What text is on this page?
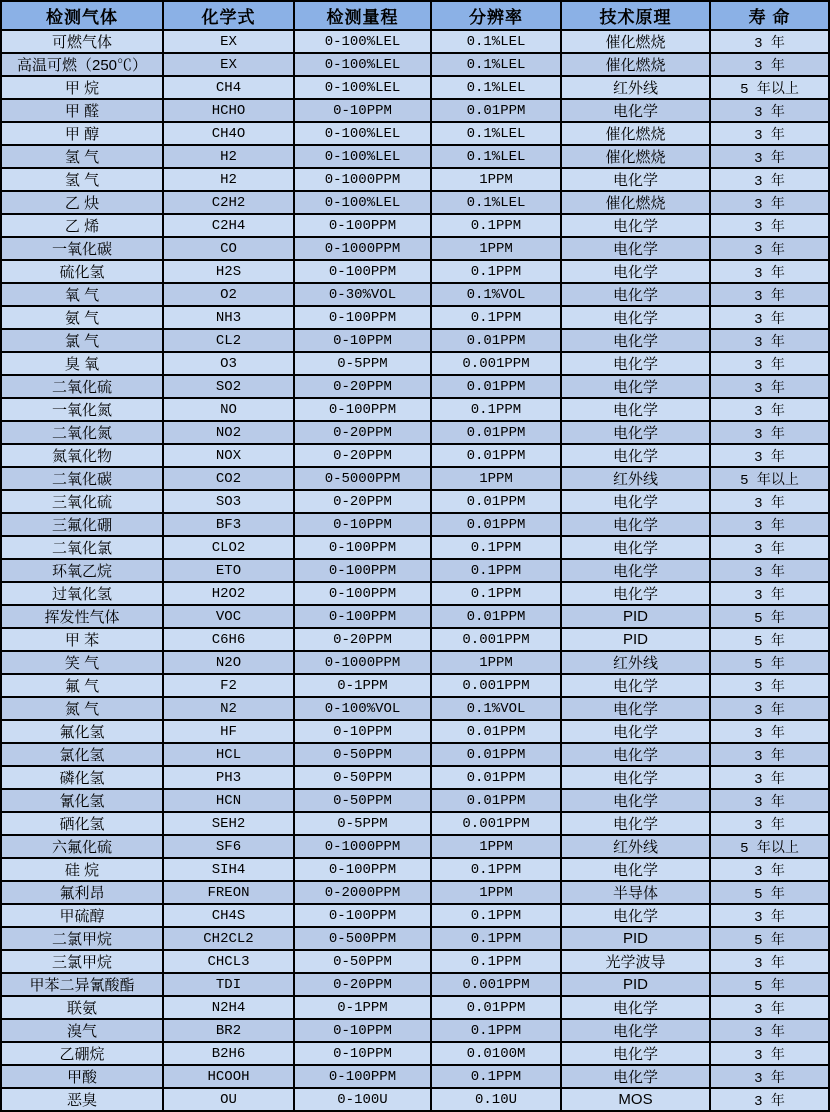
检测气体	化学式	检测量程	分辨率	技术原理	寿 命
可燃气体	EX	0-100%LEL	0.1%LEL	催化燃烧	3 年
高温可燃（250℃）	EX	0-100%LEL	0.1%LEL	催化燃烧	3 年
甲 烷	CH4	0-100%LEL	0.1%LEL	红外线	5 年以上
甲 醛	HCHO	0-10PPM	0.01PPM	电化学	3 年
甲 醇	CH4O	0-100%LEL	0.1%LEL	催化燃烧	3 年
氢 气	H2	0-100%LEL	0.1%LEL	催化燃烧	3 年
氢 气	H2	0-1000PPM	1PPM	电化学	3 年
乙 炔	C2H2	0-100%LEL	0.1%LEL	催化燃烧	3 年
乙 烯	C2H4	0-100PPM	0.1PPM	电化学	3 年
一氧化碳	CO	0-1000PPM	1PPM	电化学	3 年
硫化氢	H2S	0-100PPM	0.1PPM	电化学	3 年
氧 气	O2	0-30%VOL	0.1%VOL	电化学	3 年
氨 气	NH3	0-100PPM	0.1PPM	电化学	3 年
氯 气	CL2	0-10PPM	0.01PPM	电化学	3 年
臭 氧	O3	0-5PPM	0.001PPM	电化学	3 年
二氧化硫	SO2	0-20PPM	0.01PPM	电化学	3 年
一氧化氮	NO	0-100PPM	0.1PPM	电化学	3 年
二氧化氮	NO2	0-20PPM	0.01PPM	电化学	3 年
氮氧化物	NOX	0-20PPM	0.01PPM	电化学	3 年
二氧化碳	CO2	0-5000PPM	1PPM	红外线	5 年以上
三氧化硫	SO3	0-20PPM	0.01PPM	电化学	3 年
三氟化硼	BF3	0-10PPM	0.01PPM	电化学	3 年
二氧化氯	CLO2	0-100PPM	0.1PPM	电化学	3 年
环氧乙烷	ETO	0-100PPM	0.1PPM	电化学	3 年
过氧化氢	H2O2	0-100PPM	0.1PPM	电化学	3 年
挥发性气体	VOC	0-100PPM	0.01PPM	PID	5 年
甲 苯	C6H6	0-20PPM	0.001PPM	PID	5 年
笑 气	N2O	0-1000PPM	1PPM	红外线	5 年
氟 气	F2	0-1PPM	0.001PPM	电化学	3 年
氮 气	N2	0-100%VOL	0.1%VOL	电化学	3 年
氟化氢	HF	0-10PPM	0.01PPM	电化学	3 年
氯化氢	HCL	0-50PPM	0.01PPM	电化学	3 年
磷化氢	PH3	0-50PPM	0.01PPM	电化学	3 年
氰化氢	HCN	0-50PPM	0.01PPM	电化学	3 年
硒化氢	SEH2	0-5PPM	0.001PPM	电化学	3 年
六氟化硫	SF6	0-1000PPM	1PPM	红外线	5 年以上
硅 烷	SIH4	0-100PPM	0.1PPM	电化学	3 年
氟利昂	FREON	0-2000PPM	1PPM	半导体	5 年
甲硫醇	CH4S	0-100PPM	0.1PPM	电化学	3 年
二氯甲烷	CH2CL2	0-500PPM	0.1PPM	PID	5 年
三氯甲烷	CHCL3	0-50PPM	0.1PPM	光学波导	3 年
甲苯二异氰酸酯	TDI	0-20PPM	0.001PPM	PID	5 年
联氨	N2H4	0-1PPM	0.01PPM	电化学	3 年
溴气	BR2	0-10PPM	0.1PPM	电化学	3 年
乙硼烷	B2H6	0-10PPM	0.0100M	电化学	3 年
甲酸	HCOOH	0-100PPM	0.1PPM	电化学	3 年
恶臭	OU	0-100U	0.10U	MOS	3 年
